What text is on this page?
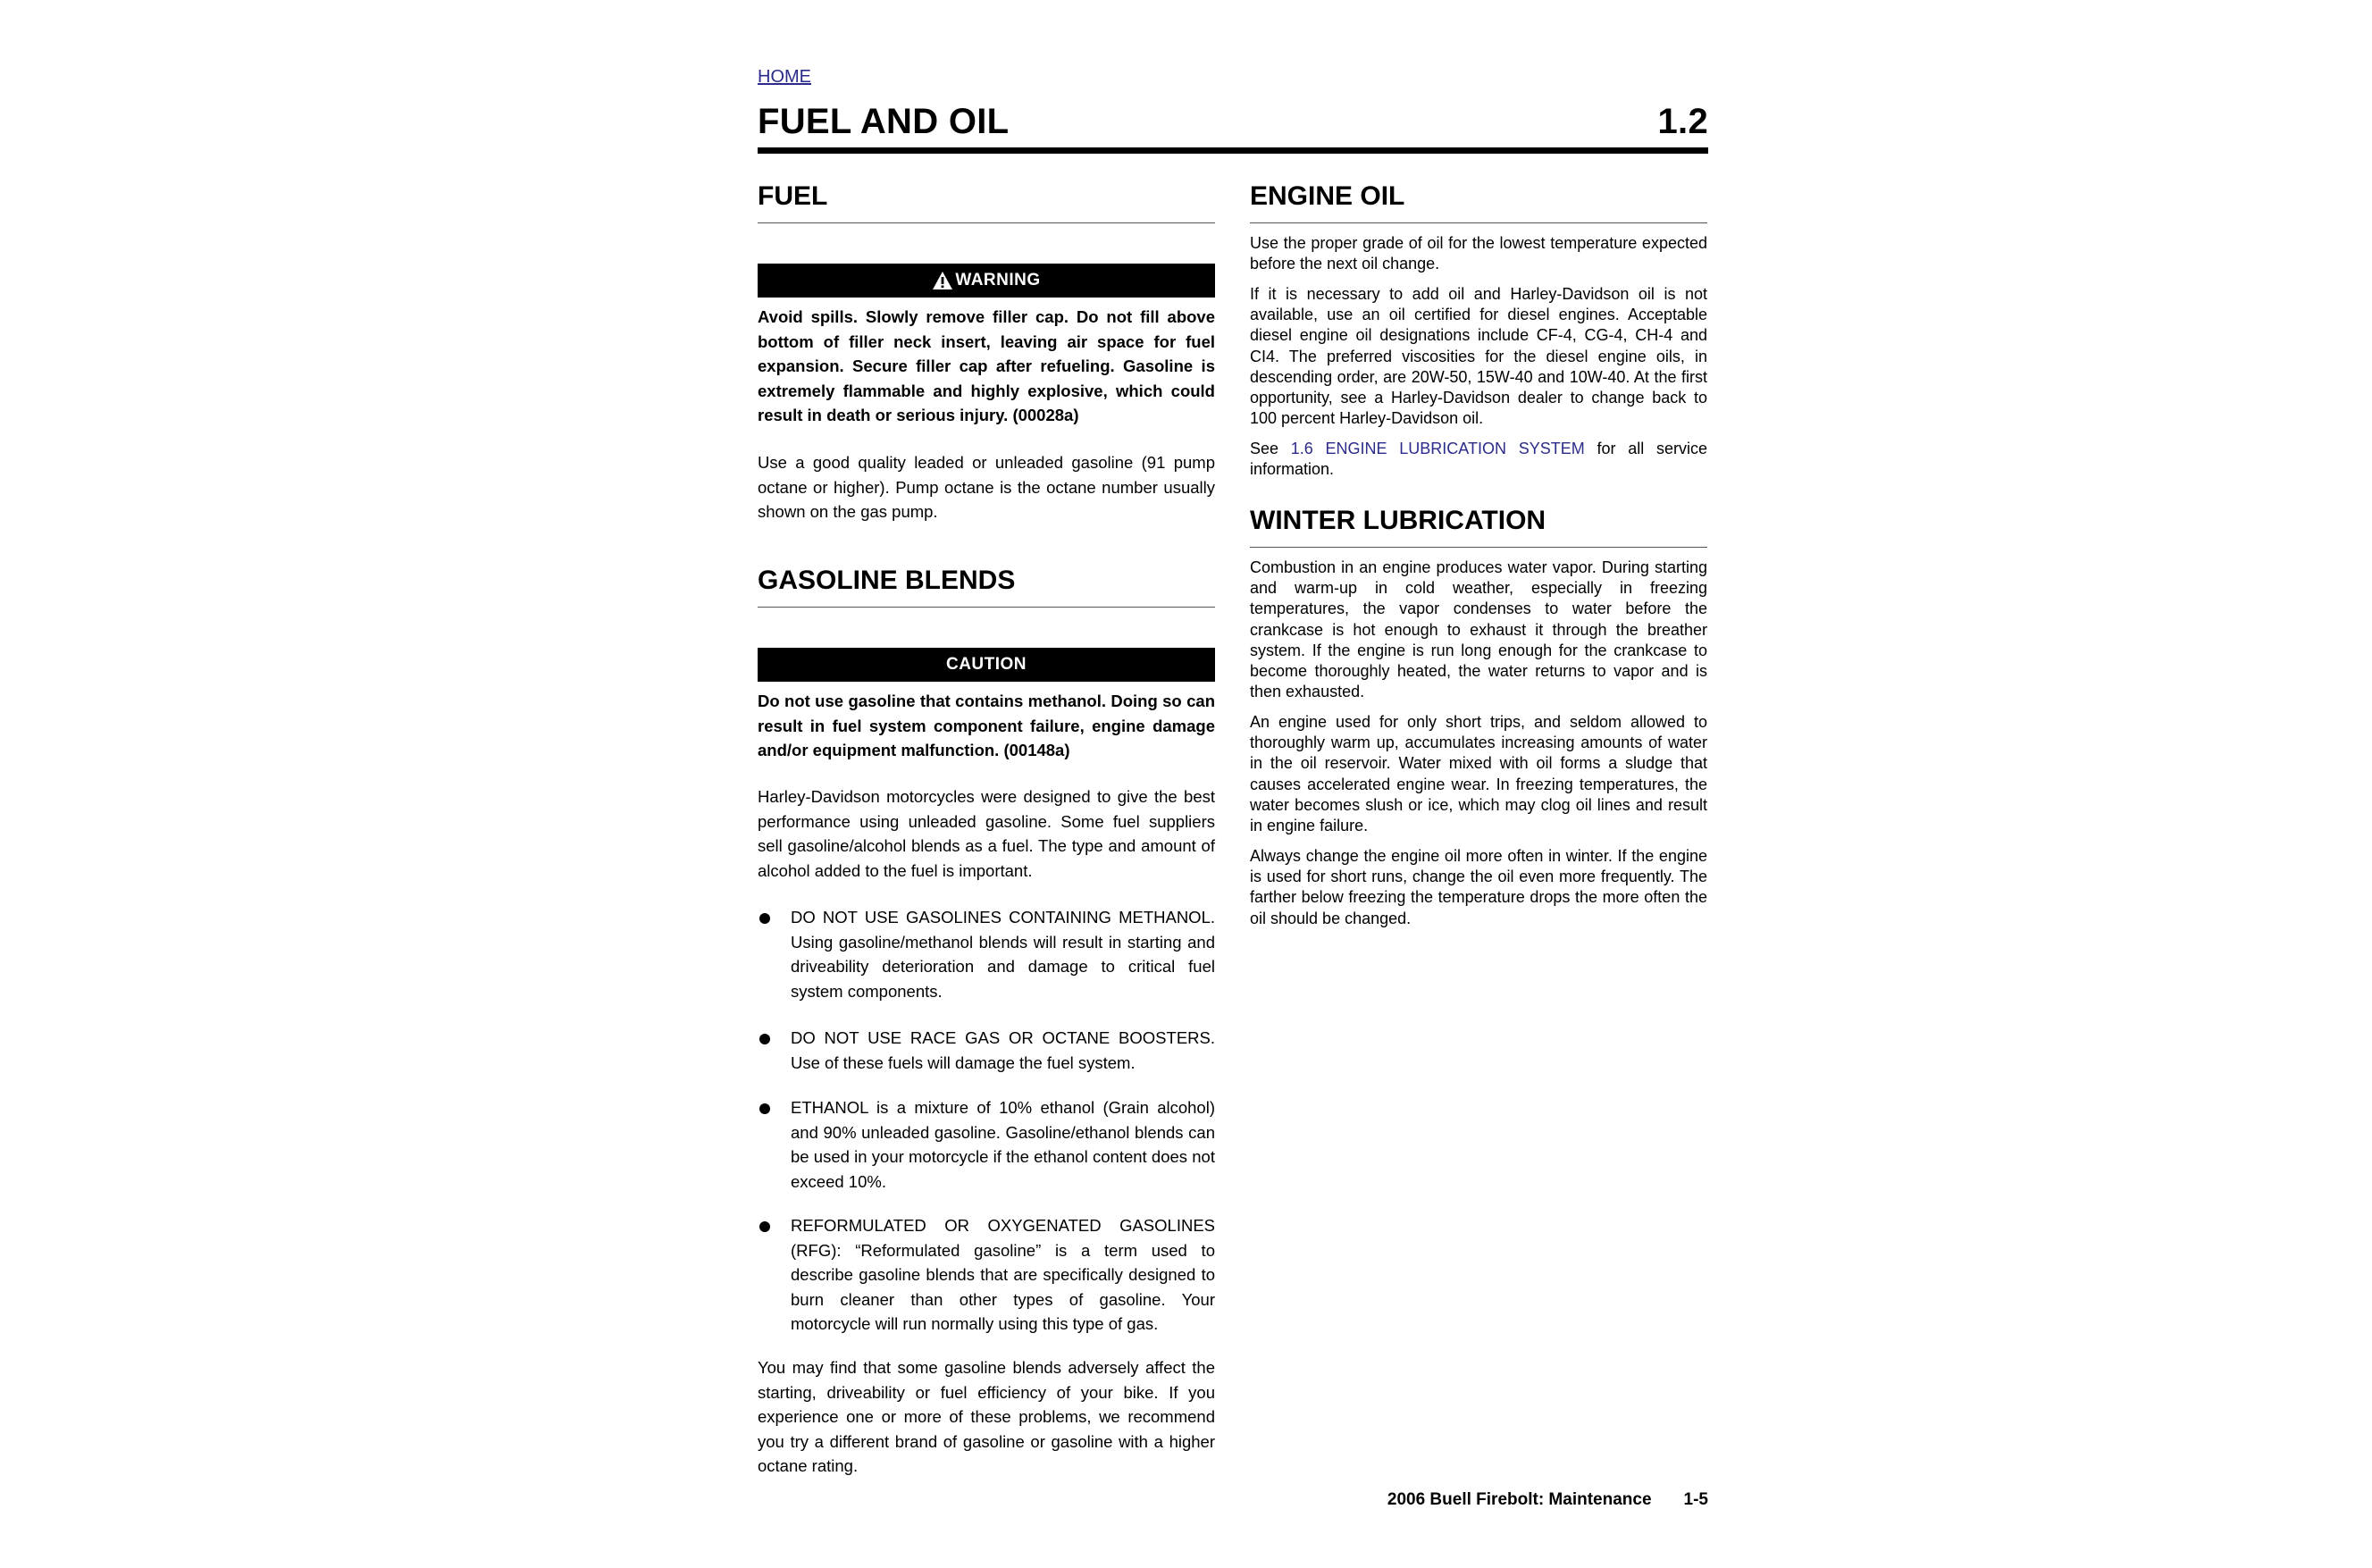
HOME
FUEL AND OIL	1.2
FUEL
WARNING
Avoid spills. Slowly remove filler cap. Do not fill above bottom of filler neck insert, leaving air space for fuel expansion. Secure filler cap after refueling. Gasoline is extremely flammable and highly explosive, which could result in death or serious injury. (00028a)
Use a good quality leaded or unleaded gasoline (91 pump octane or higher). Pump octane is the octane number usually shown on the gas pump.
GASOLINE BLENDS
CAUTION
Do not use gasoline that contains methanol. Doing so can result in fuel system component failure, engine damage and/or equipment malfunction. (00148a)
Harley-Davidson motorcycles were designed to give the best performance using unleaded gasoline. Some fuel suppliers sell gasoline/alcohol blends as a fuel. The type and amount of alcohol added to the fuel is important.
DO NOT USE GASOLINES CONTAINING METHANOL. Using gasoline/methanol blends will result in starting and driveability deterioration and damage to critical fuel system components.
DO NOT USE RACE GAS OR OCTANE BOOSTERS. Use of these fuels will damage the fuel system.
ETHANOL is a mixture of 10% ethanol (Grain alcohol) and 90% unleaded gasoline. Gasoline/ethanol blends can be used in your motorcycle if the ethanol content does not exceed 10%.
REFORMULATED OR OXYGENATED GASOLINES (RFG): “Reformulated gasoline” is a term used to describe gasoline blends that are specifically designed to burn cleaner than other types of gasoline. Your motorcycle will run normally using this type of gas.
You may find that some gasoline blends adversely affect the starting, driveability or fuel efficiency of your bike. If you experience one or more of these problems, we recommend you try a different brand of gasoline or gasoline with a higher octane rating.
ENGINE OIL
Use the proper grade of oil for the lowest temperature expected before the next oil change.
If it is necessary to add oil and Harley-Davidson oil is not available, use an oil certified for diesel engines. Acceptable diesel engine oil designations include CF-4, CG-4, CH-4 and CI4. The preferred viscosities for the diesel engine oils, in descending order, are 20W-50, 15W-40 and 10W-40. At the first opportunity, see a Harley-Davidson dealer to change back to 100 percent Harley-Davidson oil.
See 1.6 ENGINE LUBRICATION SYSTEM for all service information.
WINTER LUBRICATION
Combustion in an engine produces water vapor. During starting and warm-up in cold weather, especially in freezing temperatures, the vapor condenses to water before the crankcase is hot enough to exhaust it through the breather system. If the engine is run long enough for the crankcase to become thoroughly heated, the water returns to vapor and is then exhausted.
An engine used for only short trips, and seldom allowed to thoroughly warm up, accumulates increasing amounts of water in the oil reservoir. Water mixed with oil forms a sludge that causes accelerated engine wear. In freezing temperatures, the water becomes slush or ice, which may clog oil lines and result in engine failure.
Always change the engine oil more often in winter. If the engine is used for short runs, change the oil even more frequently. The farther below freezing the temperature drops the more often the oil should be changed.
2006 Buell Firebolt: Maintenance 1-5
